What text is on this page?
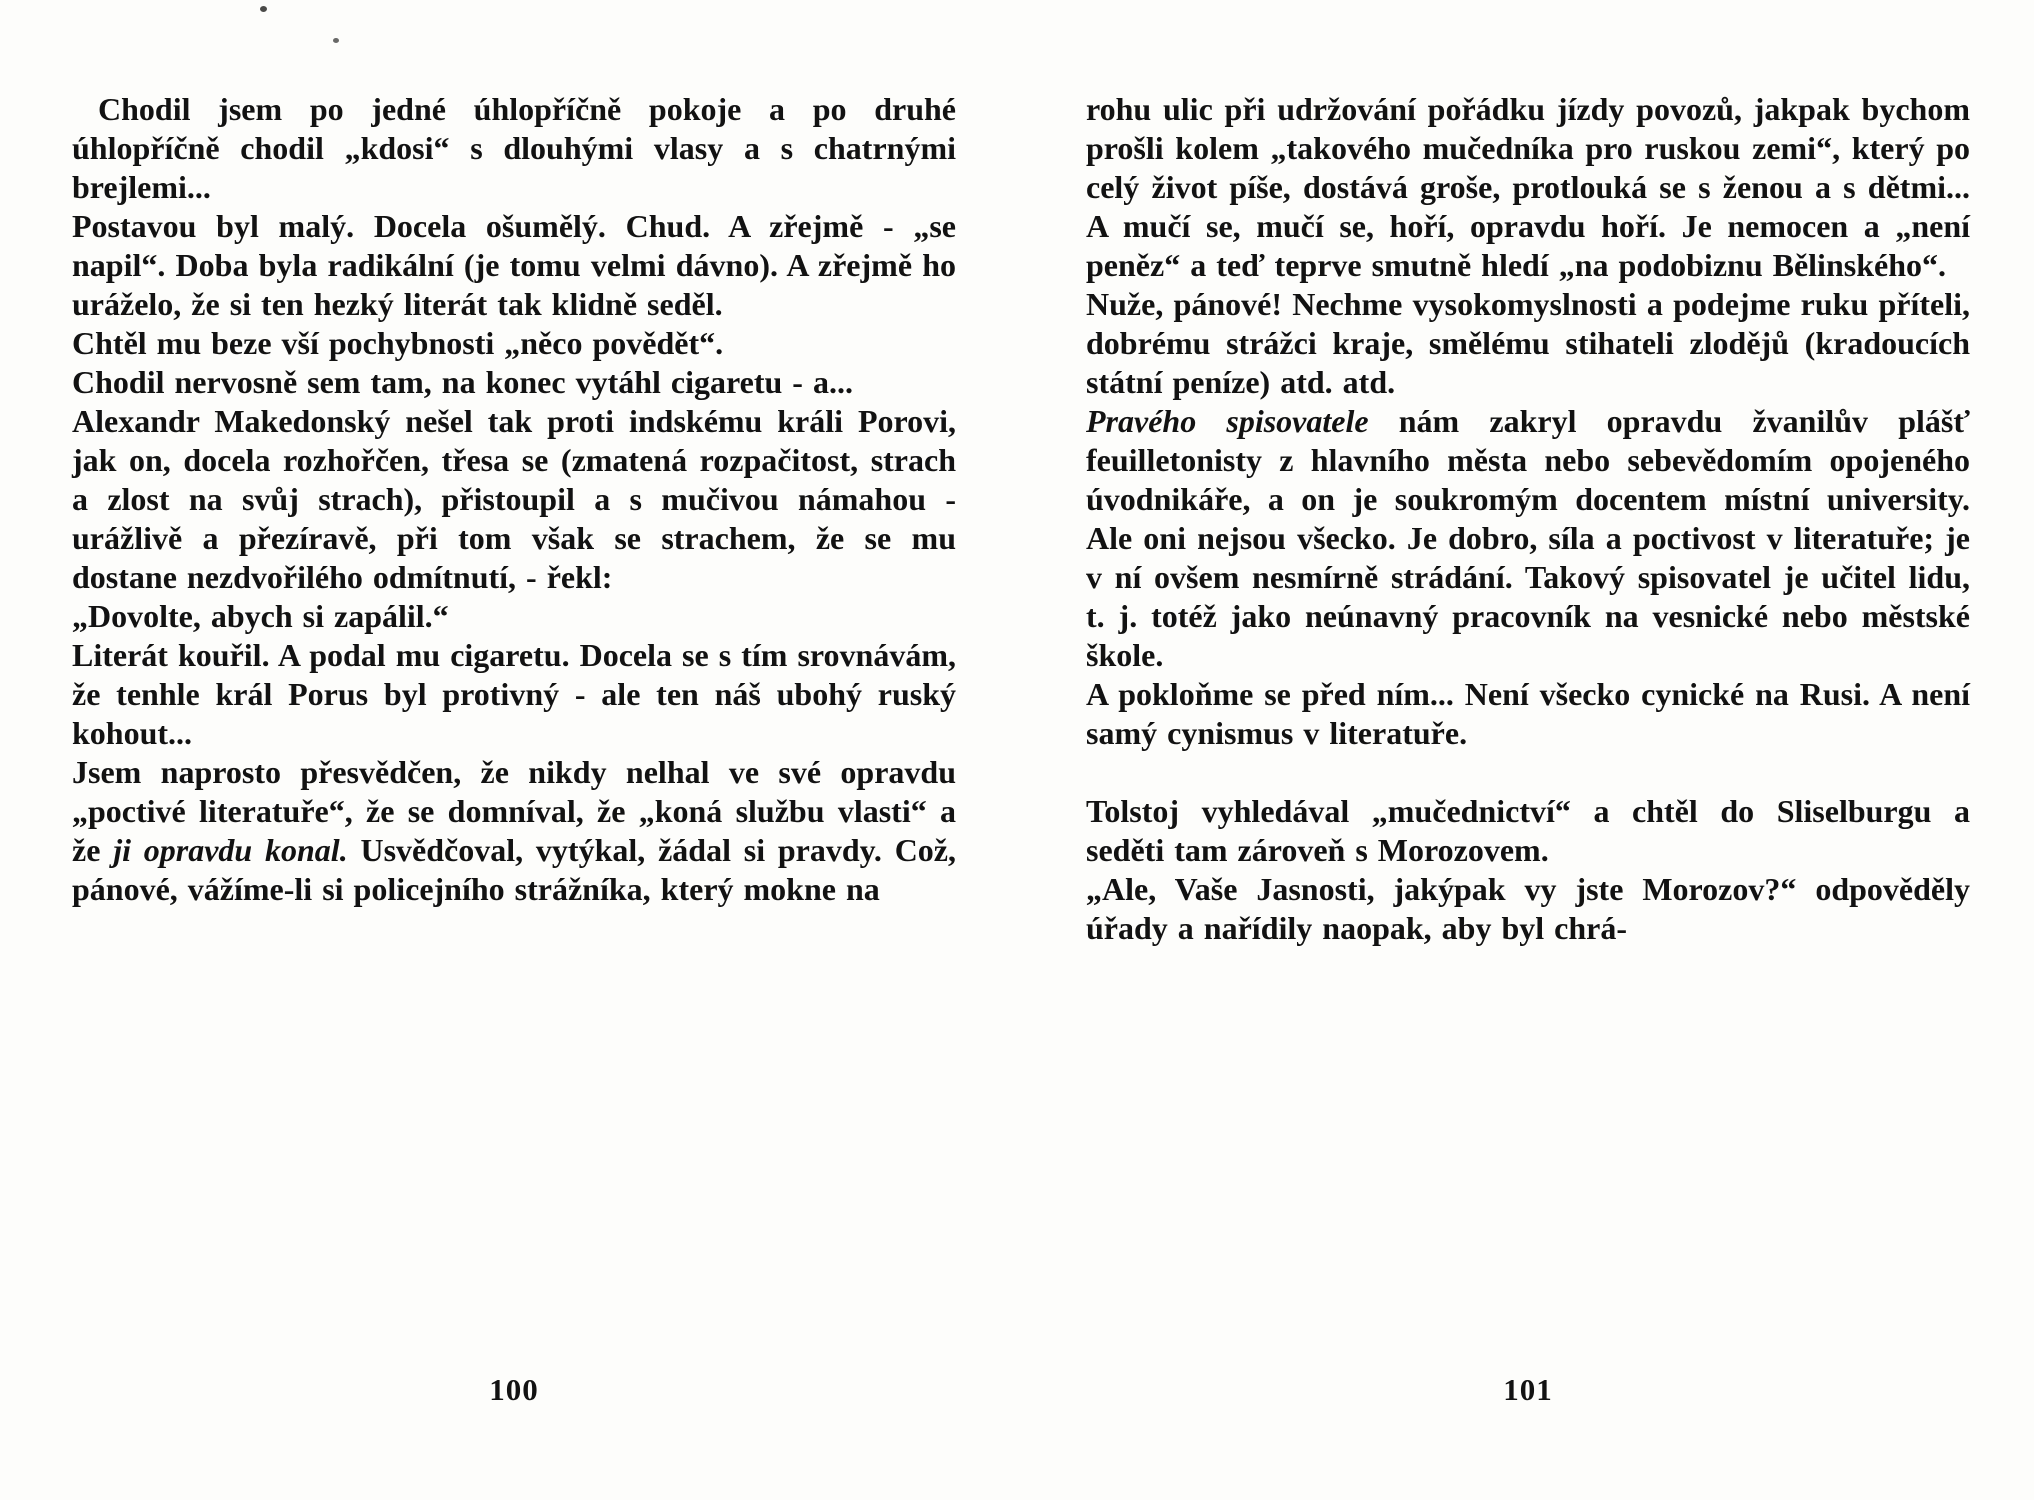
Chodil jsem po jedné úhlopříčně pokoje a po druhé úhlopříčně chodil „kdosi“ s dlouhými vlasy a s chatrnými brejlemi...

Postavou byl malý. Docela ošumělý. Chud. A zřejmě - „se napil“. Doba byla radikální (je tomu velmi dávno). A zřejmě ho uráželo, že si ten hezký literát tak klidně seděl.

Chtěl mu beze vší pochybnosti „něco povědět“.

Chodil nervosně sem tam, na konec vytáhl cigaretu - a...

Alexandr Makedonský nešel tak proti indskému králi Porovi, jak on, docela rozhořčen, třesa se (zmatená rozpačitost, strach a zlost na svůj strach), přistoupil a s mučivou námahou - urážlivě a přezíravě, při tom však se strachem, že se mu dostane nezdvořilého odmítnutí, - řekl:

„Dovolte, abych si zapálil.“

Literát kouřil. A podal mu cigaretu. Docela se s tím srovnávám, že tenhle král Porus byl protivný - ale ten náš ubohý ruský kohout...

Jsem naprosto přesvědčen, že nikdy nelhal ve své opravdu „poctivé literatuře“, že se domníval, že „koná službu vlasti“ a že ji opravdu konal. Usvědčoval, vytýkal, žádal si pravdy. Což, pánové, vážíme-li si policejního strážníka, který mokne na

100

rohu ulic při udržování pořádku jízdy povozů, jakpak bychom prošli kolem „takového mučedníka pro ruskou zemi“, který po celý život píše, dostává groše, protlouká se s ženou a s dětmi... A mučí se, mučí se, hoří, opravdu hoří. Je nemocen a „není peněz“ a teď teprve smutně hledí „na podobiznu Bělinského“.

Nuže, pánové! Nechme vysokomyslnosti a podejme ruku příteli, dobrému strážci kraje, smělému stihateli zlodějů (kradoucích státní peníze) atd. atd.

Pravého spisovatele nám zakryl opravdu žvanilův plášť feuilletonisty z hlavního města nebo sebevědomím opojeného úvodnikáře, a on je soukromým docentem místní university. Ale oni nejsou všecko. Je dobro, síla a poctivost v literatuře; je v ní ovšem nesmírně strádání. Takový spisovatel je učitel lidu, t. j. totéž jako neúnavný pracovník na vesnické nebo městské škole.

A pokloňme se před ním... Není všecko cynické na Rusi. A není samý cynismus v literatuře.

Tolstoj vyhledával „mučednictví“ a chtěl do Sliselburgu a seděti tam zároveň s Morozovem.

„Ale, Vaše Jasnosti, jakýpak vy jste Morozov?“ odpověděly úřady a nařídily naopak, aby byl chrá-

101
